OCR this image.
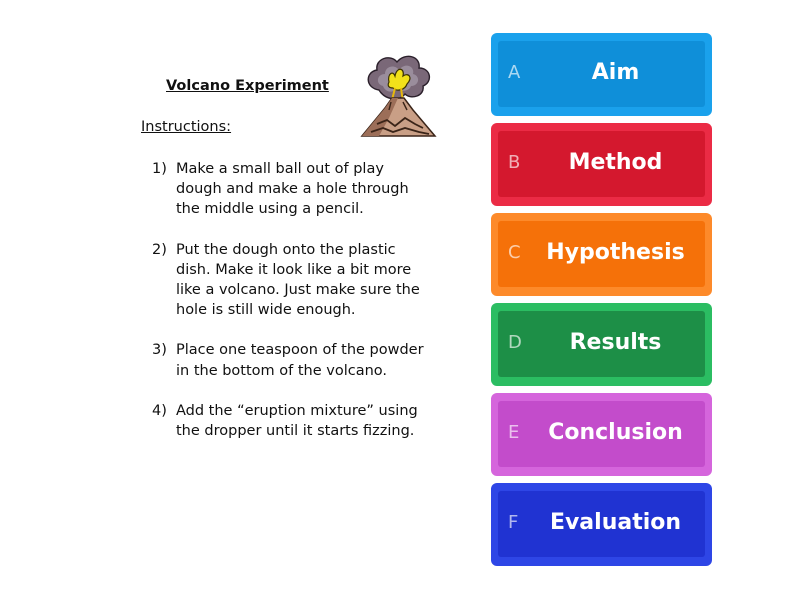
Volcano Experiment
Instructions:
1) Make a small ball out of play dough and make a hole through the middle using a pencil.
2) Put the dough onto the plastic dish. Make it look like a bit more like a volcano. Just make sure the hole is still wide enough.
3) Place one teaspoon of the powder in the bottom of the volcano.
4) Add the “eruption mixture” using the dropper until it starts fizzing.
A	Aim
B	Method
C	Hypothesis
D	Results
E	Conclusion
F	Evaluation
